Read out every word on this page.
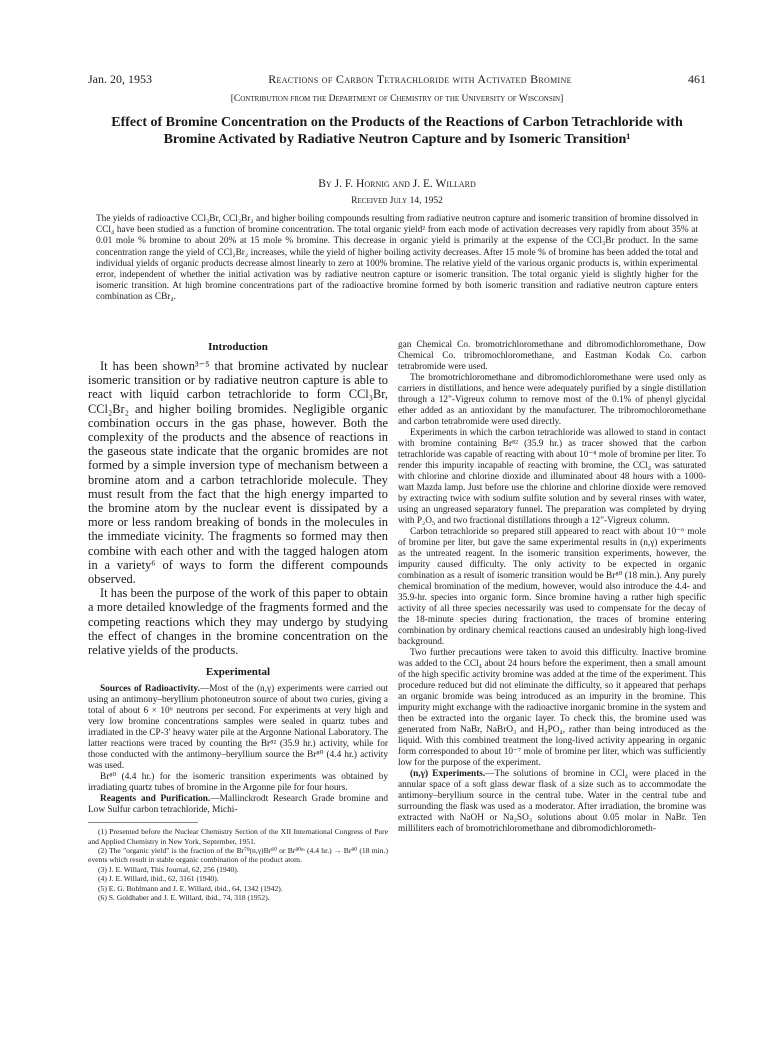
Jan. 20, 1953	Reactions of Carbon Tetrachloride with Activated Bromine	461
[Contribution from the Department of Chemistry of the University of Wisconsin]
Effect of Bromine Concentration on the Products of the Reactions of Carbon Tetrachloride with Bromine Activated by Radiative Neutron Capture and by Isomeric Transition¹
By J. F. Hornig and J. E. Willard
Received July 14, 1952
The yields of radioactive CCl₃Br, CCl₂Br₂ and higher boiling compounds resulting from radiative neutron capture and isomeric transition of bromine dissolved in CCl₄ have been studied as a function of bromine concentration. The total organic yield² from each mode of activation decreases very rapidly from about 35% at 0.01 mole % bromine to about 20% at 15 mole % bromine. This decrease in organic yield is primarily at the expense of the CCl₃Br product. In the same concentration range the yield of CCl₂Br₂ increases, while the yield of higher boiling activity decreases. After 15 mole % of bromine has been added the total and individual yields of organic products decrease almost linearly to zero at 100% bromine. The relative yield of the various organic products is, within experimental error, independent of whether the initial activation was by radiative neutron capture or isomeric transition. The total organic yield is slightly higher for the isomeric transition. At high bromine concentrations part of the radioactive bromine formed by both isomeric transition and radiative neutron capture enters combination as CBr₄.
Introduction

It has been shown³⁻⁵ that bromine activated by nuclear isomeric transition or by radiative neutron capture is able to react with liquid carbon tetrachloride to form CCl₃Br, CCl₂Br₂ and higher boiling bromides. Negligible organic combination occurs in the gas phase, however. Both the complexity of the products and the absence of reactions in the gaseous state indicate that the organic bromides are not formed by a simple inversion type of mechanism between a bromine atom and a carbon tetrachloride molecule. They must result from the fact that the high energy imparted to the bromine atom by the nuclear event is dissipated by a more or less random breaking of bonds in the molecules in the immediate vicinity. The fragments so formed may then combine with each other and with the tagged halogen atom in a variety⁶ of ways to form the different compounds observed.

It has been the purpose of the work of this paper to obtain a more detailed knowledge of the fragments formed and the competing reactions which they may undergo by studying the effect of changes in the bromine concentration on the relative yields of the products.

Experimental

Sources of Radioactivity.—Most of the (n,γ) experiments were carried out using an antimony–beryllium photoneutron source of about two curies, giving a total of about 6 × 10⁶ neutrons per second. For experiments at very high and very low bromine concentrations samples were sealed in quartz tubes and irradiated in the CP-3′ heavy water pile at the Argonne National Laboratory. The latter reactions were traced by counting the Br⁸² (35.9 hr.) activity, while for those conducted with the antimony–beryllium source the Br⁸⁰ (4.4 hr.) activity was used.

Br⁸⁰ (4.4 hr.) for the isomeric transition experiments was obtained by irradiating quartz tubes of bromine in the Argonne pile for four hours.

Reagents and Purification.—Mallinckrodt Research Grade bromine and Low Sulfur carbon tetrachloride, Michi-

(1) Presented before the Nuclear Chemistry Section of the XII International Congress of Pure and Applied Chemistry in New York, September, 1951.
(2) The "organic yield" is the fraction of the Br⁷⁹(n,γ)Br⁸⁰ or Br⁸⁰ᵐ (4.4 hr.) → Br⁸⁰ (18 min.) events which result in stable organic combination of the product atom.
(3) J. E. Willard, This Journal, 62, 256 (1940).
(4) J. E. Willard, ibid., 62, 3161 (1940).
(5) E. G. Bohlmann and J. E. Willard, ibid., 64, 1342 (1942).
(6) S. Goldhaber and J. E. Willard, ibid., 74, 318 (1952).

gan Chemical Co. bromotrichloromethane and dibromodichloromethane, Dow Chemical Co. tribromochloromethane, and Eastman Kodak Co. carbon tetrabromide were used.

The bromotrichloromethane and dibromodichloromethane were used only as carriers in distillations, and hence were adequately purified by a single distillation through a 12"-Vigreux column to remove most of the 0.1% of phenyl glycidal ether added as an antioxidant by the manufacturer. The tribromochloromethane and carbon tetrabromide were used directly.

Experiments in which the carbon tetrachloride was allowed to stand in contact with bromine containing Br⁸² (35.9 hr.) as tracer showed that the carbon tetrachloride was capable of reacting with about 10⁻⁸ mole of bromine per liter. To render this impurity incapable of reacting with bromine, the CCl₄ was saturated with chlorine and chlorine dioxide and illuminated about 48 hours with a 1000-watt Mazda lamp. Just before use the chlorine and chlorine dioxide were removed by extracting twice with sodium sulfite solution and by several rinses with water, using an ungreased separatory funnel. The preparation was completed by drying with P₂O₅ and two fractional distillations through a 12"-Vigreux column.

Carbon tetrachloride so prepared still appeared to react with about 10⁻⁶ mole of bromine per liter, but gave the same experimental results in (n,γ) experiments as the untreated reagent. In the isomeric transition experiments, however, the impurity caused difficulty. The only activity to be expected in organic combination as a result of isomeric transition would be Br⁸⁰ (18 min.). Any purely chemical bromination of the medium, however, would also introduce the 4.4- and 35.9-hr. species into organic form. Since bromine having a rather high specific activity of all three species necessarily was used to compensate for the decay of the 18-minute species during fractionation, the traces of bromine entering combination by ordinary chemical reactions caused an undesirably high long-lived background.

Two further precautions were taken to avoid this difficulty. Inactive bromine was added to the CCl₄ about 24 hours before the experiment, then a small amount of the high specific activity bromine was added at the time of the experiment. This procedure reduced but did not eliminate the difficulty, so it appeared that perhaps an organic bromide was being introduced as an impurity in the bromine. This impurity might exchange with the radioactive inorganic bromine in the system and then be extracted into the organic layer. To check this, the bromine used was generated from NaBr, NaBrO₃ and H₃PO₄, rather than being introduced as the liquid. With this combined treatment the long-lived activity appearing in organic form corresponded to about 10⁻⁷ mole of bromine per liter, which was sufficiently low for the purpose of the experiment.

(n,γ) Experiments.—The solutions of bromine in CCl₄ were placed in the annular space of a soft glass dewar flask of a size such as to accommodate the antimony–beryllium source in the central tube. Water in the central tube and surrounding the flask was used as a moderator. After irradiation, the bromine was extracted with NaOH or Na₂SO₃ solutions about 0.05 molar in NaBr. Ten milliliters each of bromotrichloromethane and dibromodichlorometh-
